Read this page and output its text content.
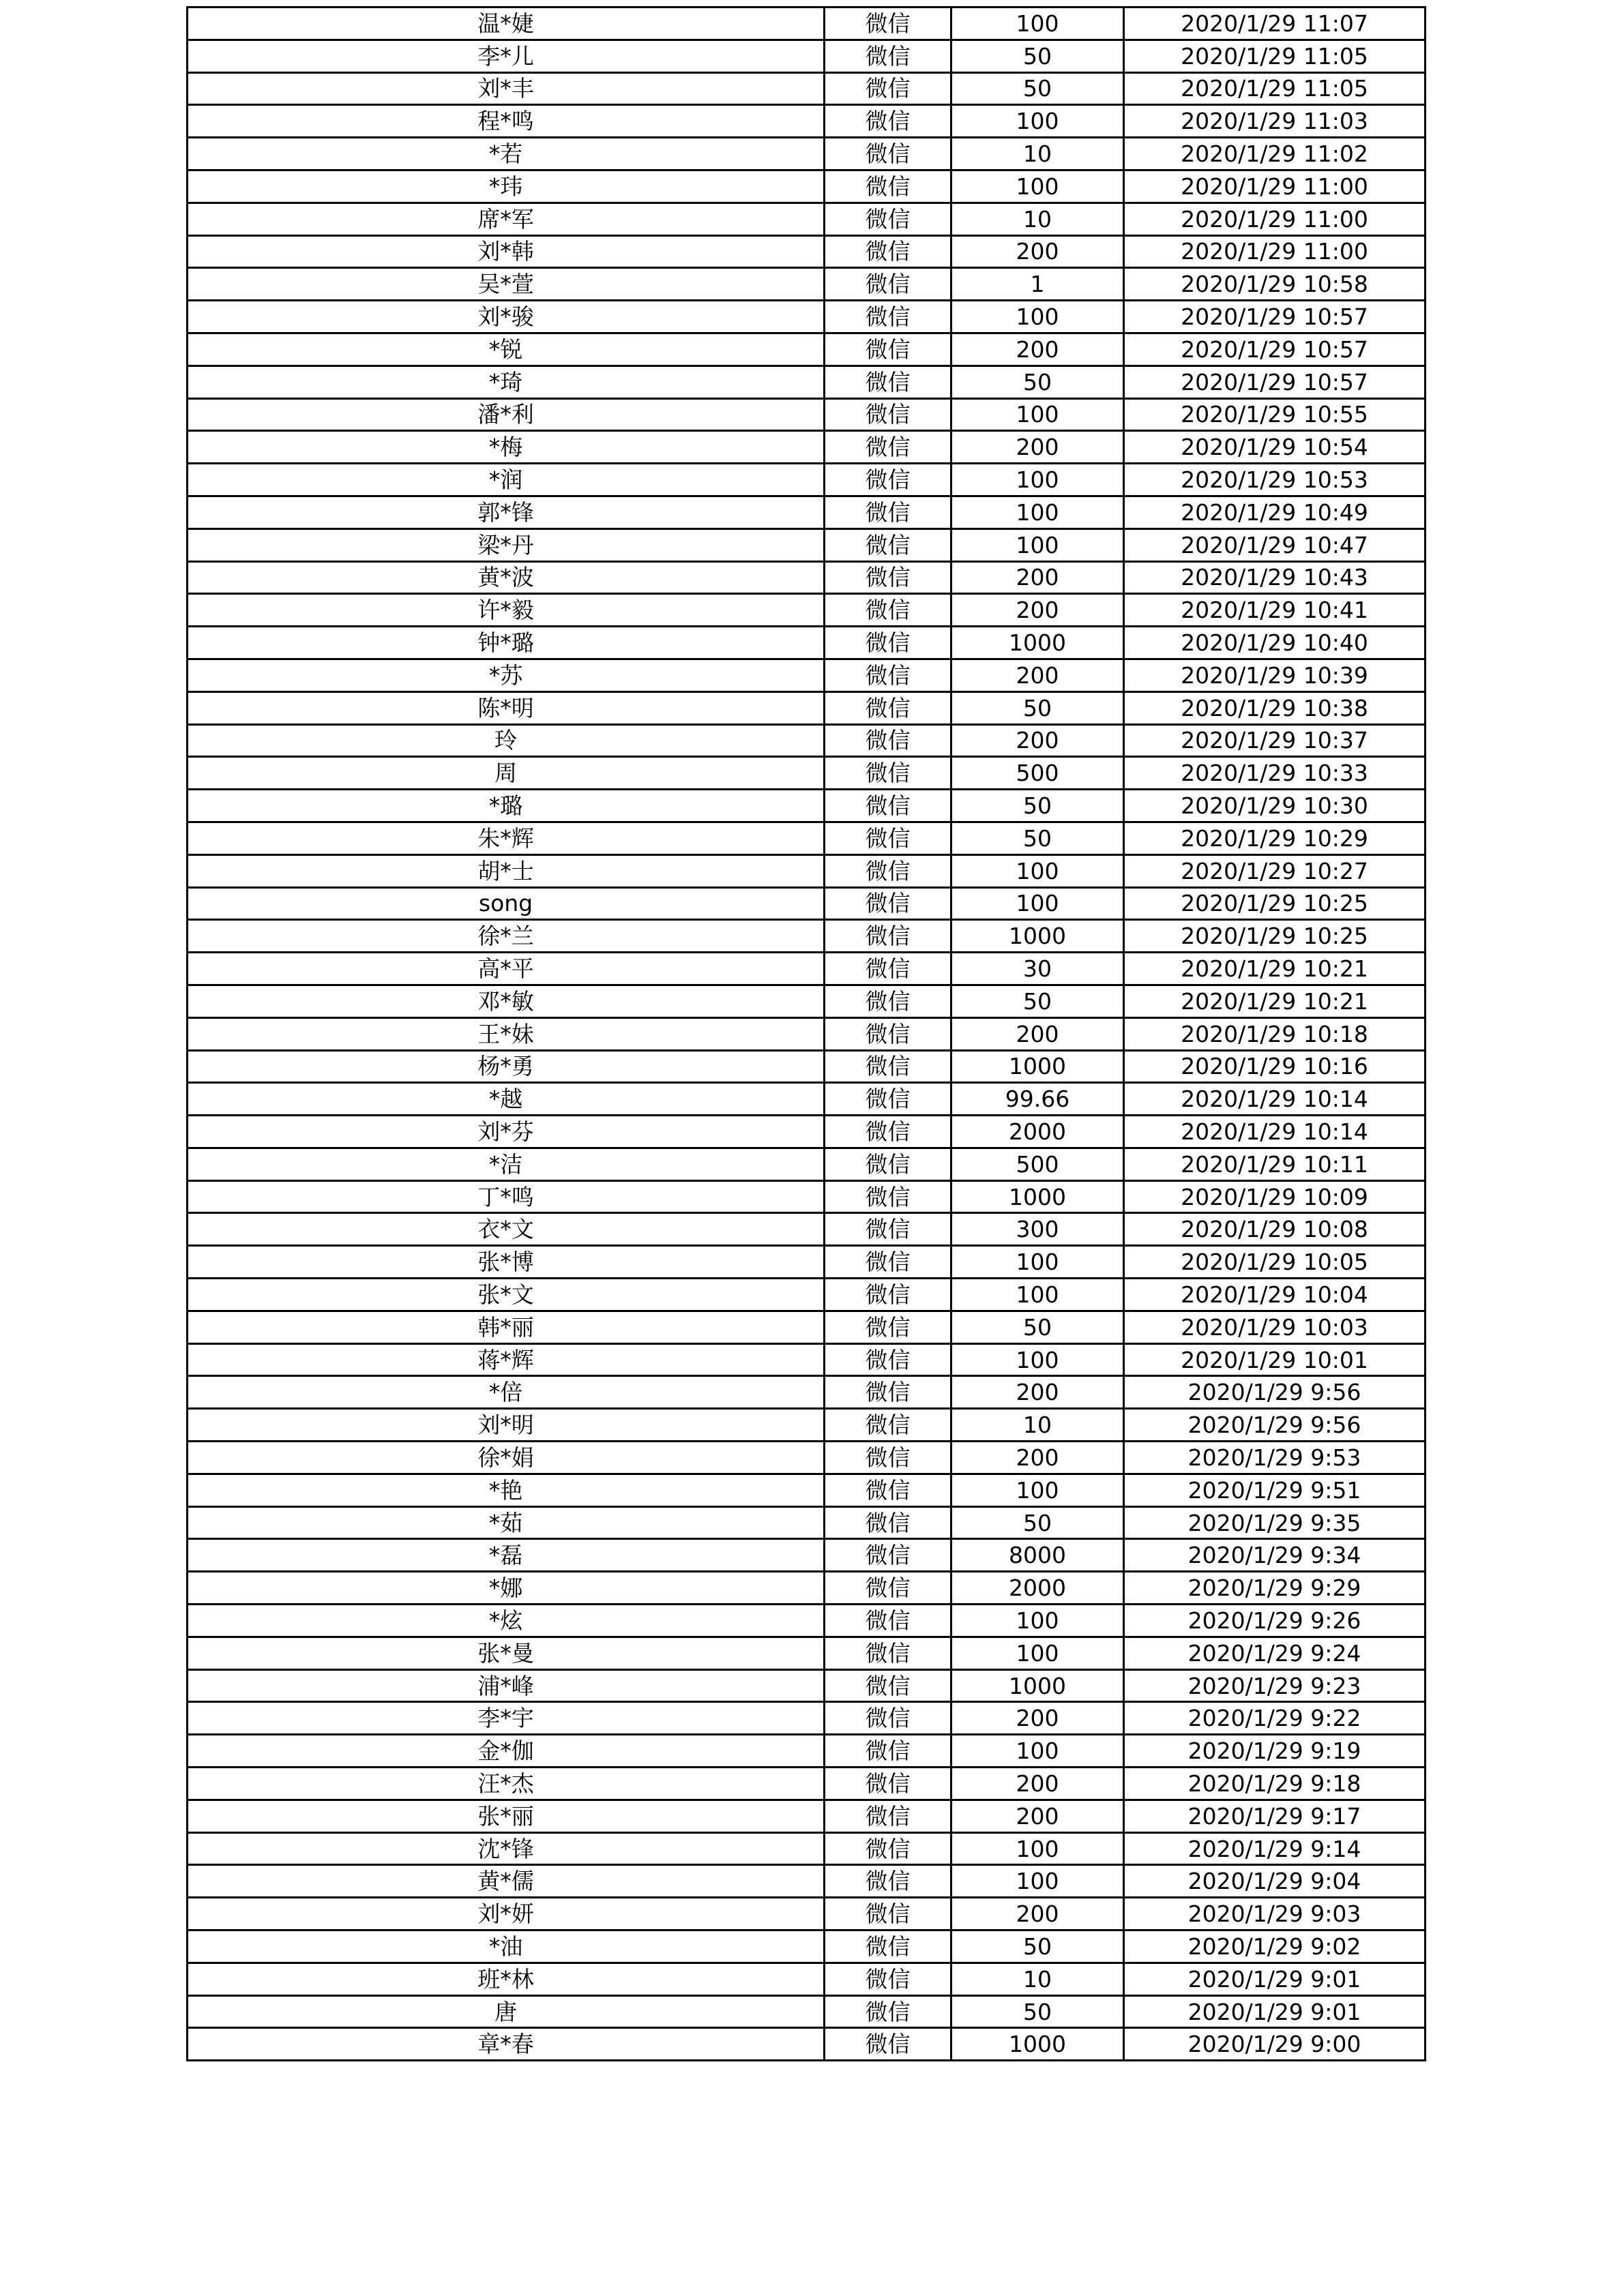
温*婕	微信	100	2020/1/29 11:07
李*儿	微信	50	2020/1/29 11:05
刘*丰	微信	50	2020/1/29 11:05
程*鸣	微信	100	2020/1/29 11:03
*若	微信	10	2020/1/29 11:02
*玮	微信	100	2020/1/29 11:00
席*军	微信	10	2020/1/29 11:00
刘*韩	微信	200	2020/1/29 11:00
吴*萱	微信	1	2020/1/29 10:58
刘*骏	微信	100	2020/1/29 10:57
*锐	微信	200	2020/1/29 10:57
*琦	微信	50	2020/1/29 10:57
潘*利	微信	100	2020/1/29 10:55
*梅	微信	200	2020/1/29 10:54
*润	微信	100	2020/1/29 10:53
郭*锋	微信	100	2020/1/29 10:49
梁*丹	微信	100	2020/1/29 10:47
黄*波	微信	200	2020/1/29 10:43
许*毅	微信	200	2020/1/29 10:41
钟*璐	微信	1000	2020/1/29 10:40
*苏	微信	200	2020/1/29 10:39
陈*明	微信	50	2020/1/29 10:38
玲	微信	200	2020/1/29 10:37
周	微信	500	2020/1/29 10:33
*璐	微信	50	2020/1/29 10:30
朱*辉	微信	50	2020/1/29 10:29
胡*士	微信	100	2020/1/29 10:27
song	微信	100	2020/1/29 10:25
徐*兰	微信	1000	2020/1/29 10:25
高*平	微信	30	2020/1/29 10:21
邓*敏	微信	50	2020/1/29 10:21
王*妹	微信	200	2020/1/29 10:18
杨*勇	微信	1000	2020/1/29 10:16
*越	微信	99.66	2020/1/29 10:14
刘*芬	微信	2000	2020/1/29 10:14
*洁	微信	500	2020/1/29 10:11
丁*鸣	微信	1000	2020/1/29 10:09
衣*文	微信	300	2020/1/29 10:08
张*博	微信	100	2020/1/29 10:05
张*文	微信	100	2020/1/29 10:04
韩*丽	微信	50	2020/1/29 10:03
蒋*辉	微信	100	2020/1/29 10:01
*倍	微信	200	2020/1/29 9:56
刘*明	微信	10	2020/1/29 9:56
徐*娟	微信	200	2020/1/29 9:53
*艳	微信	100	2020/1/29 9:51
*茹	微信	50	2020/1/29 9:35
*磊	微信	8000	2020/1/29 9:34
*娜	微信	2000	2020/1/29 9:29
*炫	微信	100	2020/1/29 9:26
张*曼	微信	100	2020/1/29 9:24
浦*峰	微信	1000	2020/1/29 9:23
李*宇	微信	200	2020/1/29 9:22
金*伽	微信	100	2020/1/29 9:19
汪*杰	微信	200	2020/1/29 9:18
张*丽	微信	200	2020/1/29 9:17
沈*锋	微信	100	2020/1/29 9:14
黄*儒	微信	100	2020/1/29 9:04
刘*妍	微信	200	2020/1/29 9:03
*油	微信	50	2020/1/29 9:02
班*林	微信	10	2020/1/29 9:01
唐	微信	50	2020/1/29 9:01
章*春	微信	1000	2020/1/29 9:00
